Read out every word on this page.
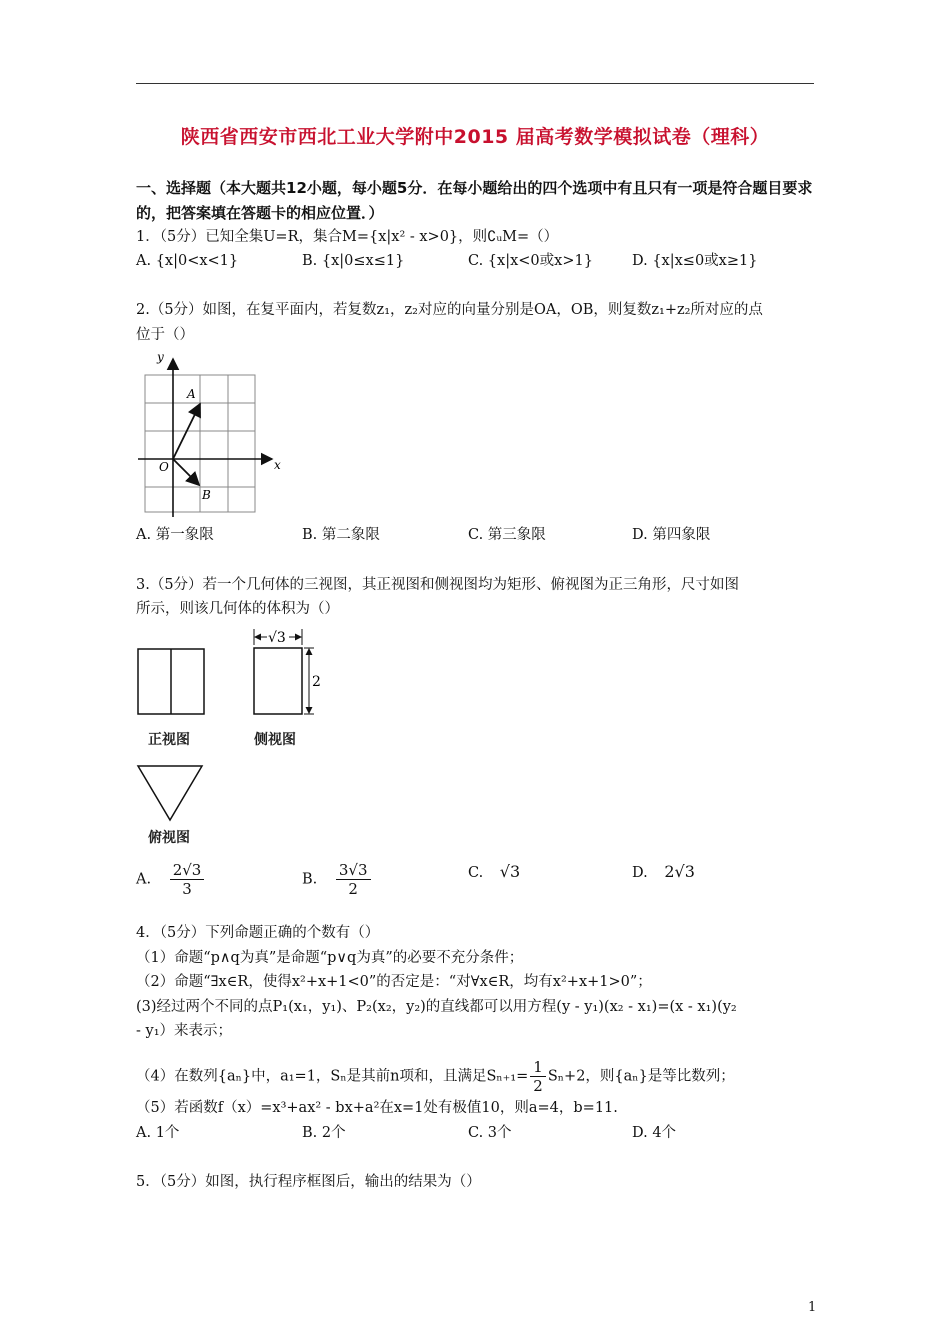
陕西省西安市西北工业大学附中2015 届高考数学模拟试卷（理科）
一、选择题（本大题共12小题，每小题5分．在每小题给出的四个选项中有且只有一项是符合题目要求的，把答案填在答题卡的相应位置．）
1．（5分）已知全集U=R，集合M={x|x² - x>0}，则∁ᵤM=（）
A. {x|0<x<1}	B. {x|0≤x≤1}	C. {x|x<0或x>1}	D. {x|x≤0或x≥1}
2.（5分）如图，在复平面内，若复数z₁，z₂对应的向量分别是OA，OB，则复数z₁+z₂所对应的点
位于（）
x
y
O
A
B
A. 第一象限	B. 第二象限	C. 第三象限	D. 第四象限
3.（5分）若一个几何体的三视图，其正视图和侧视图均为矩形、俯视图为正三角形，尺寸如图
所示，则该几何体的体积为（）
正视图
√3
2
侧视图
俯视图
A. $\frac{2√3}{3}$	B. $\frac{3√3}{2}$	C. √3	D. 2√3
4．（5分）下列命题正确的个数有（）
（1）命题“p∧q为真”是命题“p∨q为真”的必要不充分条件；
（2）命题“∃x∈R，使得x²+x+1<0”的否定是：“对∀x∈R，均有x²+x+1>0”；
(3)经过两个不同的点P₁(x₁，y₁)、P₂(x₂，y₂)的直线都可以用方程(y - y₁)(x₂ - x₁)=(x - x₁)(y₂
- y₁）来表示；
（4）在数列{aₙ}中，a₁=1，Sₙ是其前n项和，且满足$S_{n+1}= \frac{1}{2} S_n+2$，则{aₙ}是等比数列；
（5）若函数f（x）=x³+ax² - bx+a²在x=1处有极值10，则a=4，b=11.
A. 1个	B. 2个	C. 3个	D. 4个
5．（5分）如图，执行程序框图后，输出的结果为（）
1
